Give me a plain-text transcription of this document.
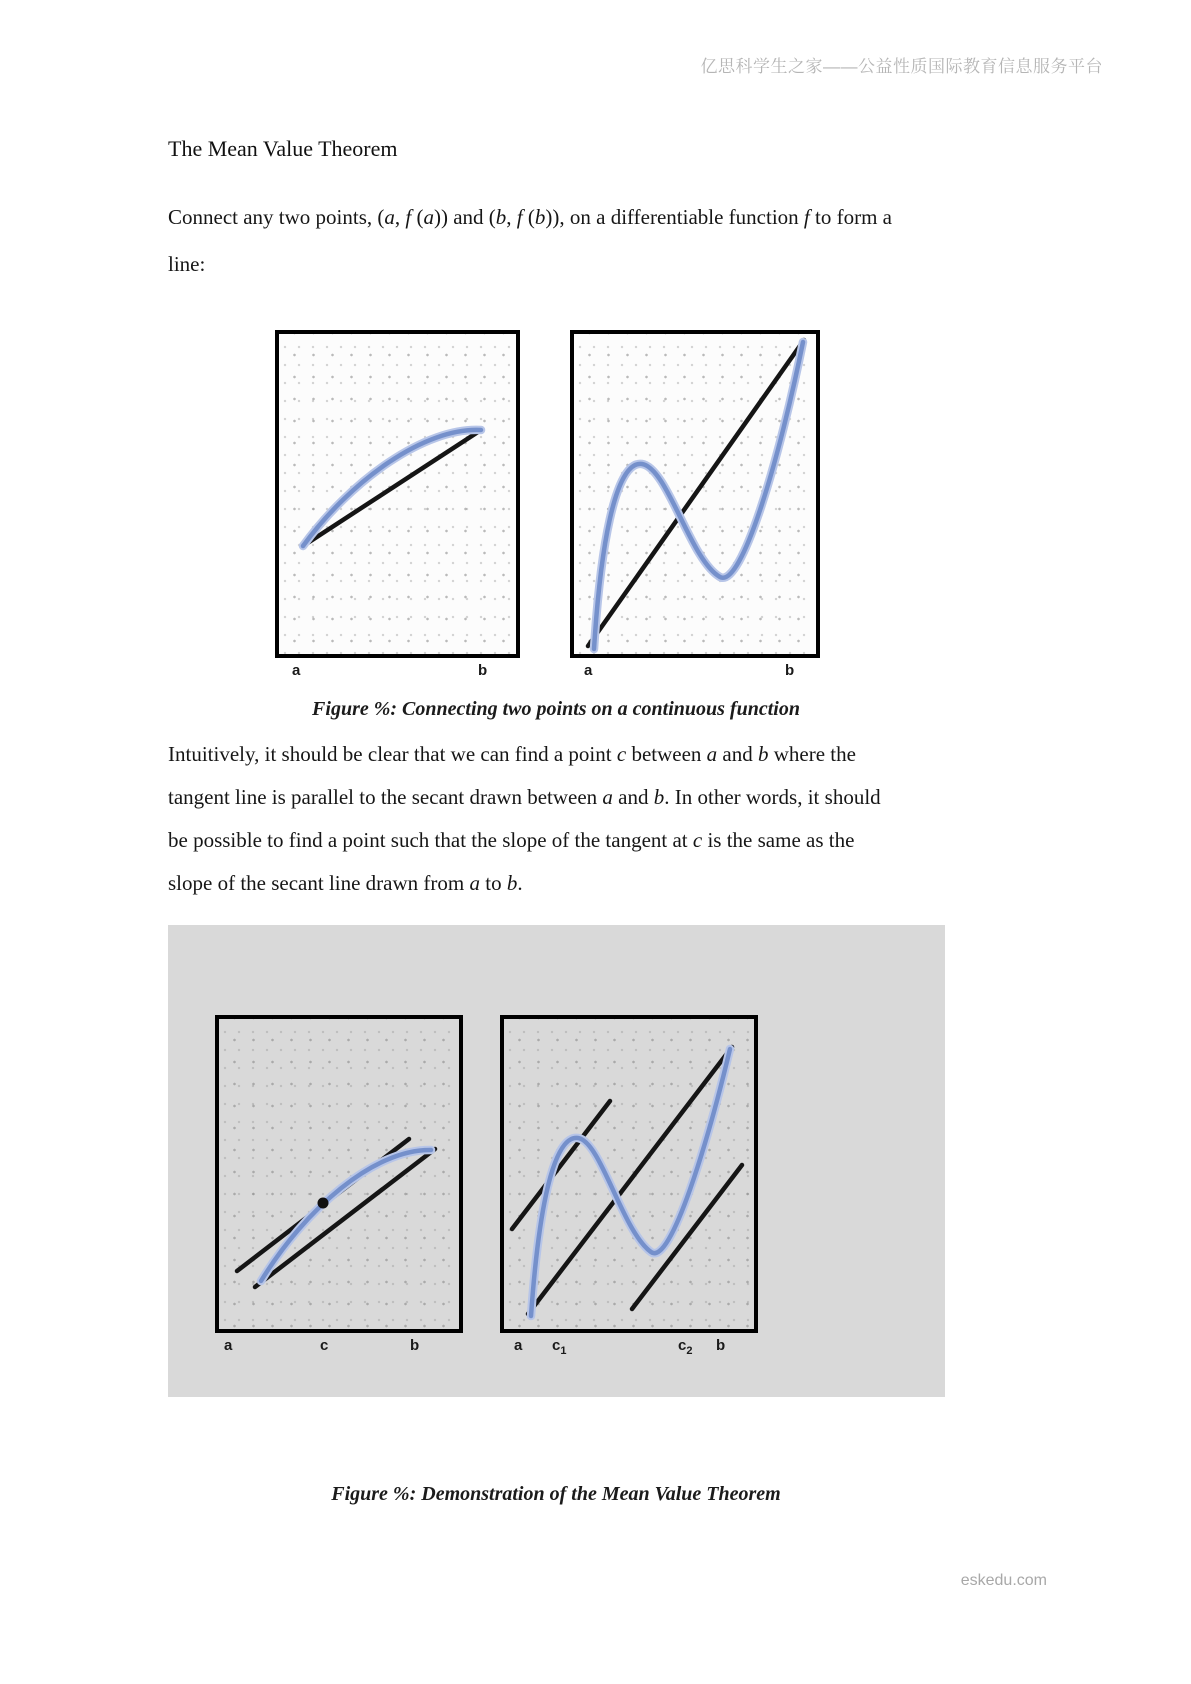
亿思科学生之家——公益性质国际教育信息服务平台
The Mean Value Theorem
Connect any two points, (a, f (a)) and (b, f (b)), on a differentiable function f to form a
line:
a	b	a	b
Figure %: Connecting two points on a continuous function
Intuitively, it should be clear that we can find a point c between a and b where the
tangent line is parallel to the secant drawn between a and b. In other words, it should
be possible to find a point such that the slope of the tangent at c is the same as the
slope of the secant line drawn from a to b.
a	c	b	a $c_1$	$c_2$ b
Figure %: Demonstration of the Mean Value Theorem
eskedu.com
